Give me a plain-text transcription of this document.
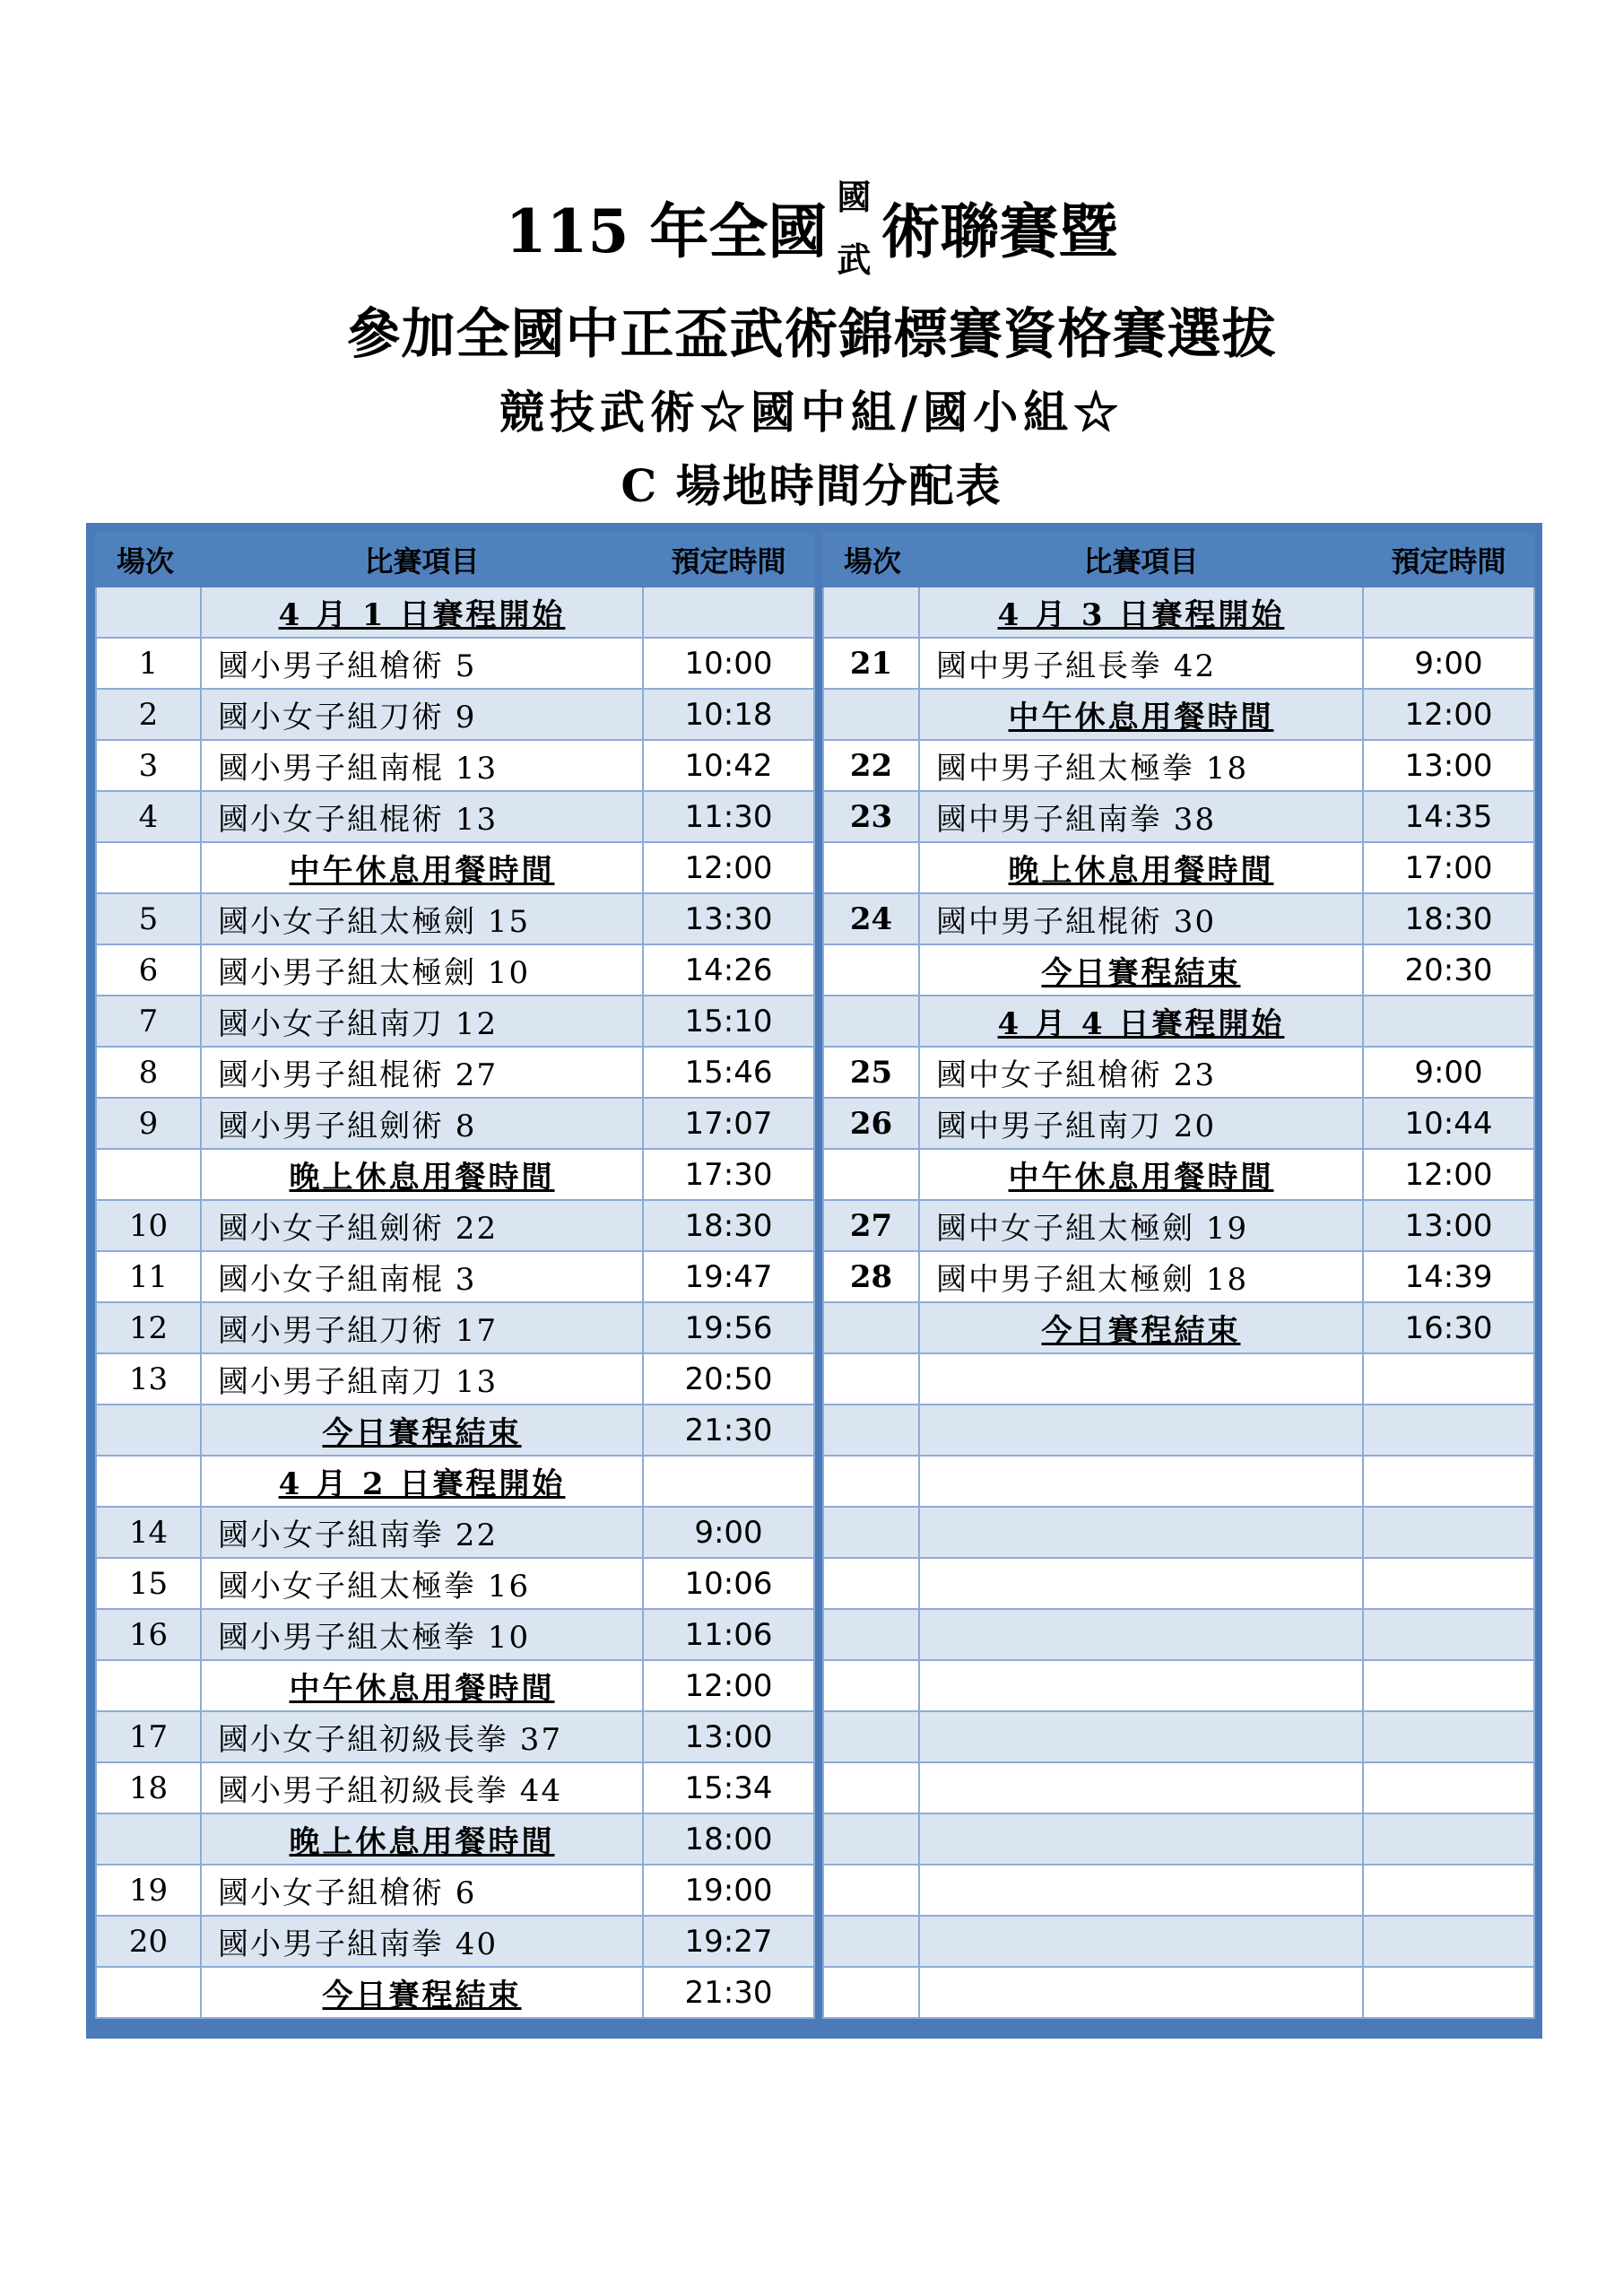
115 年全國 國
武 術聯賽暨
參加全國中正盃武術錦標賽資格賽選拔
競技武術☆國中組/國小組☆
C 場地時間分配表
場次	比賽項目	預定時間
	4 月 1 日賽程開始	
1	國小男子組槍術 5	10:00
2	國小女子組刀術 9	10:18
3	國小男子組南棍 13	10:42
4	國小女子組棍術 13	11:30
	中午休息用餐時間	12:00
5	國小女子組太極劍 15	13:30
6	國小男子組太極劍 10	14:26
7	國小女子組南刀 12	15:10
8	國小男子組棍術 27	15:46
9	國小男子組劍術 8	17:07
	晚上休息用餐時間	17:30
10	國小女子組劍術 22	18:30
11	國小女子組南棍 3	19:47
12	國小男子組刀術 17	19:56
13	國小男子組南刀 13	20:50
	今日賽程結束	21:30
	4 月 2 日賽程開始	
14	國小女子組南拳 22	9:00
15	國小女子組太極拳 16	10:06
16	國小男子組太極拳 10	11:06
	中午休息用餐時間	12:00
17	國小女子組初級長拳 37	13:00
18	國小男子組初級長拳 44	15:34
	晚上休息用餐時間	18:00
19	國小女子組槍術 6	19:00
20	國小男子組南拳 40	19:27
	今日賽程結束	21:30
場次	比賽項目	預定時間
	4 月 3 日賽程開始	
21	國中男子組長拳 42	9:00
	中午休息用餐時間	12:00
22	國中男子組太極拳 18	13:00
23	國中男子組南拳 38	14:35
	晚上休息用餐時間	17:00
24	國中男子組棍術 30	18:30
	今日賽程結束	20:30
	4 月 4 日賽程開始	
25	國中女子組槍術 23	9:00
26	國中男子組南刀 20	10:44
	中午休息用餐時間	12:00
27	國中女子組太極劍 19	13:00
28	國中男子組太極劍 18	14:39
	今日賽程結束	16:30
